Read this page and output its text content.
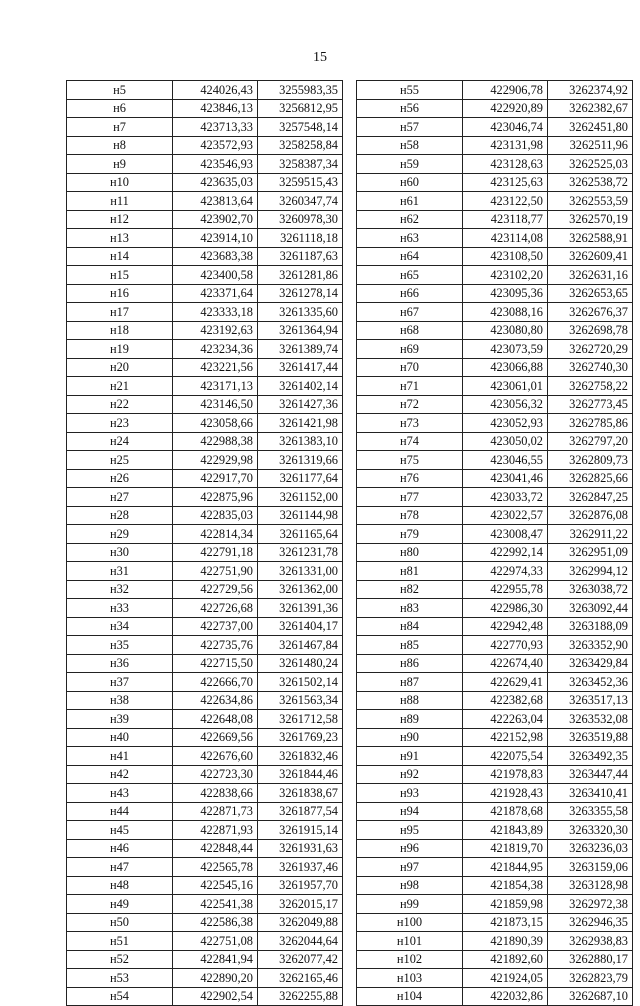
15
н5	424026,43	3255983,35
н6	423846,13	3256812,95
н7	423713,33	3257548,14
н8	423572,93	3258258,84
н9	423546,93	3258387,34
н10	423635,03	3259515,43
н11	423813,64	3260347,74
н12	423902,70	3260978,30
н13	423914,10	3261118,18
н14	423683,38	3261187,63
н15	423400,58	3261281,86
н16	423371,64	3261278,14
н17	423333,18	3261335,60
н18	423192,63	3261364,94
н19	423234,36	3261389,74
н20	423221,56	3261417,44
н21	423171,13	3261402,14
н22	423146,50	3261427,36
н23	423058,66	3261421,98
н24	422988,38	3261383,10
н25	422929,98	3261319,66
н26	422917,70	3261177,64
н27	422875,96	3261152,00
н28	422835,03	3261144,98
н29	422814,34	3261165,64
н30	422791,18	3261231,78
н31	422751,90	3261331,00
н32	422729,56	3261362,00
н33	422726,68	3261391,36
н34	422737,00	3261404,17
н35	422735,76	3261467,84
н36	422715,50	3261480,24
н37	422666,70	3261502,14
н38	422634,86	3261563,34
н39	422648,08	3261712,58
н40	422669,56	3261769,23
н41	422676,60	3261832,46
н42	422723,30	3261844,46
н43	422838,66	3261838,67
н44	422871,73	3261877,54
н45	422871,93	3261915,14
н46	422848,44	3261931,63
н47	422565,78	3261937,46
н48	422545,16	3261957,70
н49	422541,38	3262015,17
н50	422586,38	3262049,88
н51	422751,08	3262044,64
н52	422841,94	3262077,42
н53	422890,20	3262165,46
н54	422902,54	3262255,88
н55	422906,78	3262374,92
н56	422920,89	3262382,67
н57	423046,74	3262451,80
н58	423131,98	3262511,96
н59	423128,63	3262525,03
н60	423125,63	3262538,72
н61	423122,50	3262553,59
н62	423118,77	3262570,19
н63	423114,08	3262588,91
н64	423108,50	3262609,41
н65	423102,20	3262631,16
н66	423095,36	3262653,65
н67	423088,16	3262676,37
н68	423080,80	3262698,78
н69	423073,59	3262720,29
н70	423066,88	3262740,30
н71	423061,01	3262758,22
н72	423056,32	3262773,45
н73	423052,93	3262785,86
н74	423050,02	3262797,20
н75	423046,55	3262809,73
н76	423041,46	3262825,66
н77	423033,72	3262847,25
н78	423022,57	3262876,08
н79	423008,47	3262911,22
н80	422992,14	3262951,09
н81	422974,33	3262994,12
н82	422955,78	3263038,72
н83	422986,30	3263092,44
н84	422942,48	3263188,09
н85	422770,93	3263352,90
н86	422674,40	3263429,84
н87	422629,41	3263452,36
н88	422382,68	3263517,13
н89	422263,04	3263532,08
н90	422152,98	3263519,88
н91	422075,54	3263492,35
н92	421978,83	3263447,44
н93	421928,43	3263410,41
н94	421878,68	3263355,58
н95	421843,89	3263320,30
н96	421819,70	3263236,03
н97	421844,95	3263159,06
н98	421854,38	3263128,98
н99	421859,98	3262972,38
н100	421873,15	3262946,35
н101	421890,39	3262938,83
н102	421892,60	3262880,17
н103	421924,05	3262823,79
н104	422032,86	3262687,10
